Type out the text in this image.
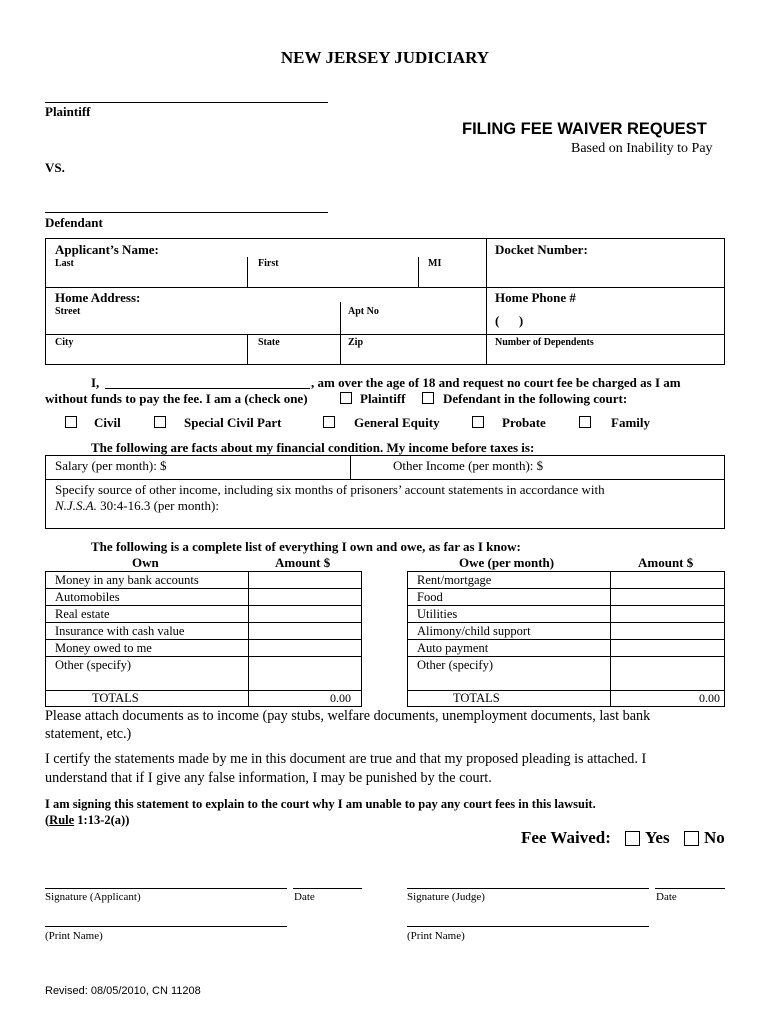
NEW JERSEY JUDICIARY
Plaintiff
VS.
Defendant
FILING FEE WAIVER REQUEST
Based on Inability to Pay
Applicant’s Name:
Last	First	MI
Docket Number:
Home Address:
Street	Apt No
Home Phone #
(      )
City	State	Zip	Number of Dependents
I,	, am over the age of 18 and request no court fee be charged as I am
without funds to pay the fee. I am a (check one)	Plaintiff	Defendant in the following court:
Civil	Special Civil Part	General Equity	Probate	Family
The following are facts about my financial condition. My income before taxes is:
Salary (per month): $	Other Income (per month): $
Specify source of other income, including six months of prisoners’ account statements in accordance with
N.J.S.A. 30:4-16.3 (per month):
The following is a complete list of everything I own and owe, as far as I know:
Own	Amount $	Owe (per month)	Amount $
Money in any bank accounts
Automobiles
Real estate
Insurance with cash value
Money owed to me
Other (specify)
TOTALS	0.00
Rent/mortgage
Food
Utilities
Alimony/child support
Auto payment
Other (specify)
TOTALS	0.00
Please attach documents as to income (pay stubs, welfare documents, unemployment documents, last bank
statement, etc.)
I certify the statements made by me in this document are true and that my proposed pleading is attached. I
understand that if I give any false information, I may be punished by the court.
I am signing this statement to explain to the court why I am unable to pay any court fees in this lawsuit.
(Rule 1:13-2(a))
Fee Waived: Yes No
Signature (Applicant)	Date	Signature (Judge)	Date
(Print Name)	(Print Name)
Revised: 08/05/2010, CN 11208
